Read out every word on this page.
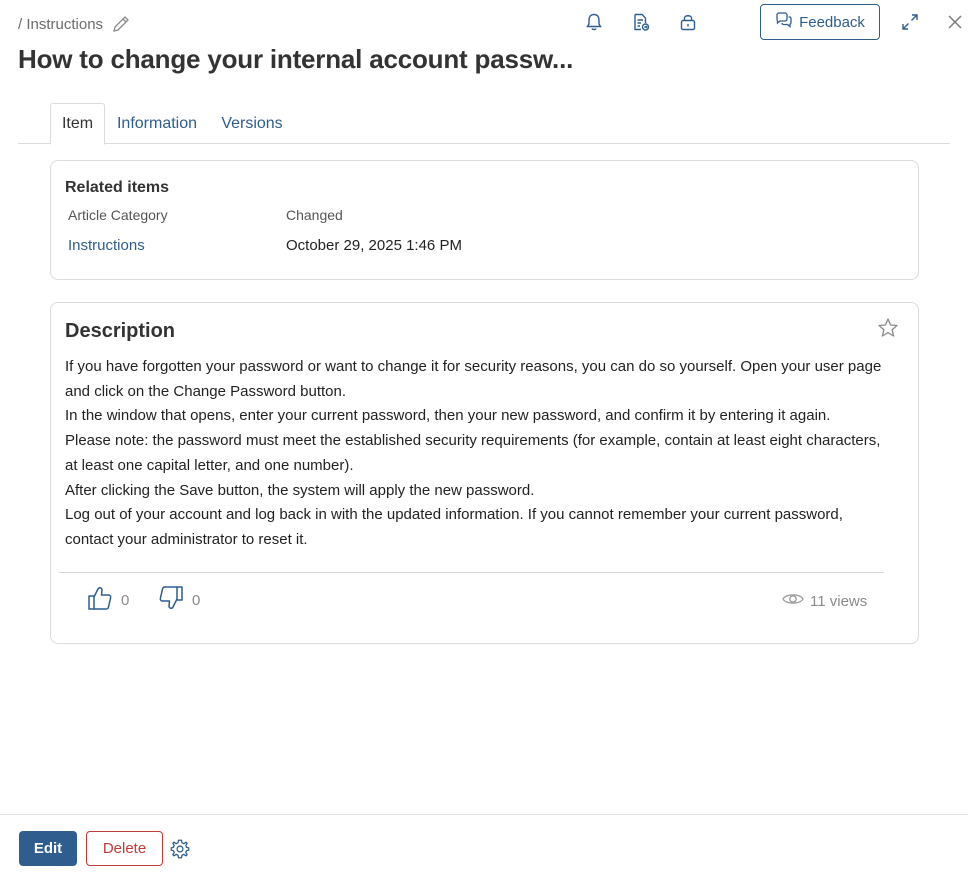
/ Instructions
How to change your internal account passw...
Feedback
Item	Information Versions
Related items
Article Category	Changed
Instructions	October 29, 2025 1:46 PM
Description
If you have forgotten your password or want to change it for security reasons, you can do so yourself. Open your user page and click on the Change Password button.
In the window that opens, enter your current password, then your new password, and confirm it by entering it again.
Please note: the password must meet the established security requirements (for example, contain at least eight characters, at least one capital letter, and one number).
After clicking the Save button, the system will apply the new password.
Log out of your account and log back in with the updated information. If you cannot remember your current password, contact your administrator to reset it.
0	0	11 views
Edit	Delete
